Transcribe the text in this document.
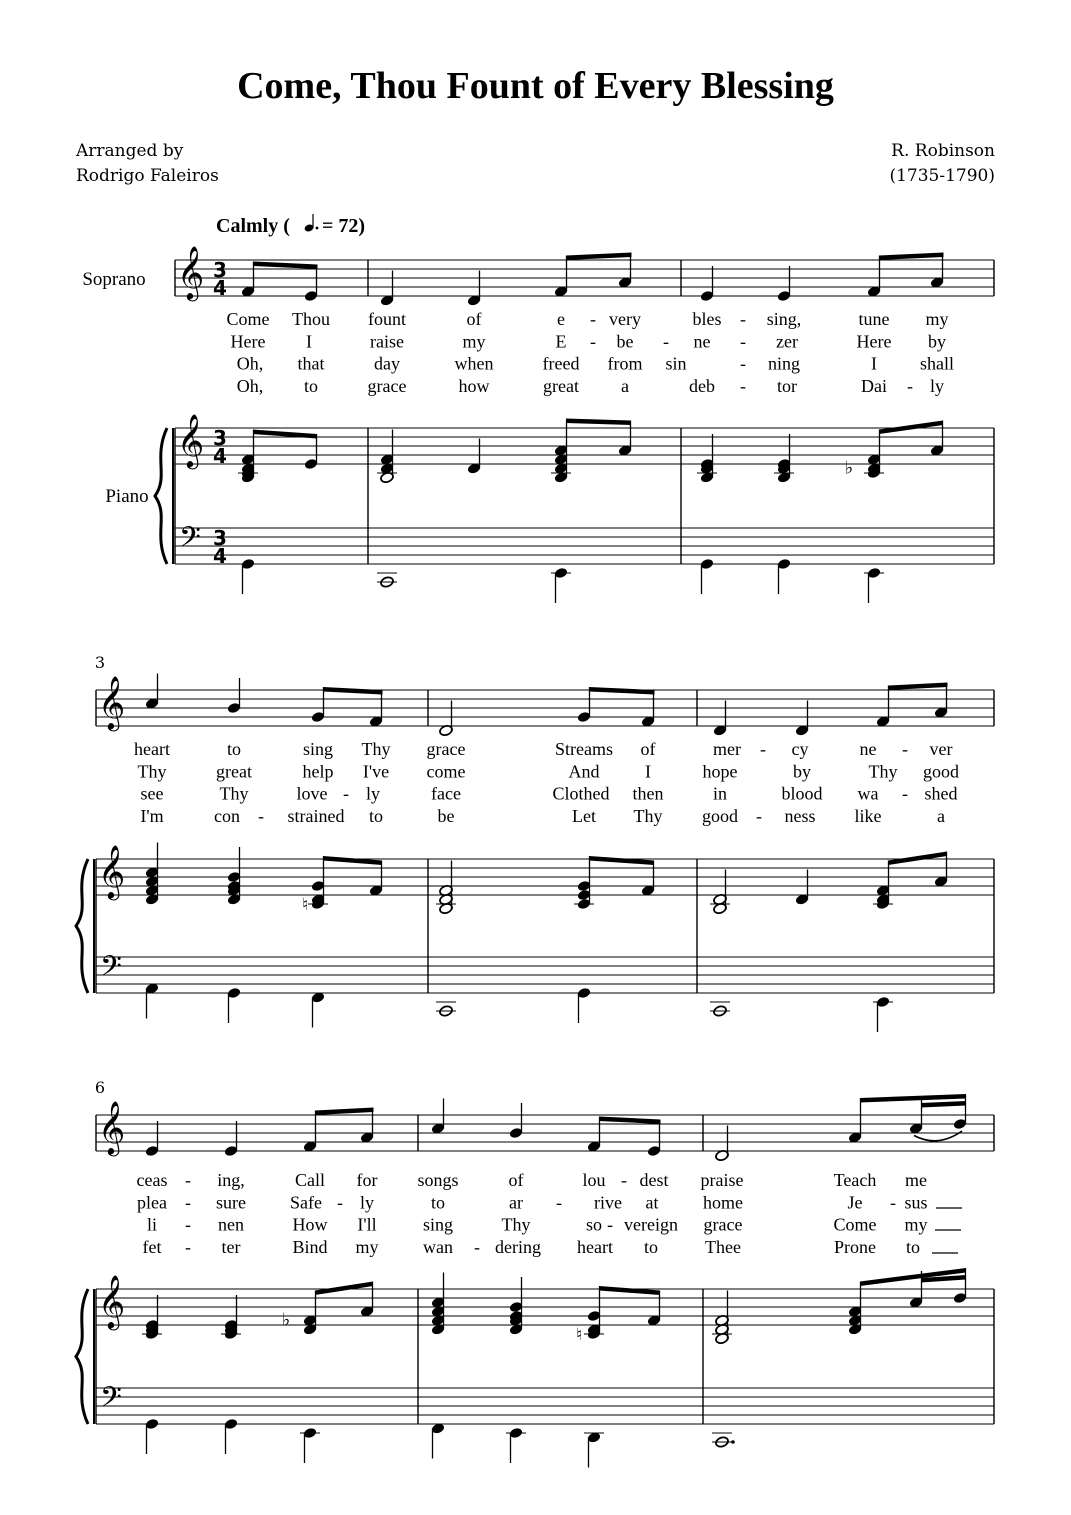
Come, Thou Fount of Every Blessing
Arranged by
Rodrigo Faleiros
R. Robinson
(1735-1790)
Calmly ( = 72)
Soprano
Piano
𝄞
𝄞
𝄢
3
4
3
4
3
4
𝄞
𝄞
𝄢
3
𝄞
𝄞
𝄢
6
Come Thou fount	of	e - very	bles - sing,	tune my
Here I	raise	my	E - be - ne - zer	Here by
Oh, that	day	when	freed from sin	- ning	I shall
Oh, to	grace	how	great a	deb - tor	Dai - ly
heart	to	sing Thy grace	Streams of	mer - cy	ne - ver
Thy	great	help I've come	And	I	hope	by	Thy good
see	Thy	love - ly	face	Clothed then	in	blood wa - shed
I'm	con - strained to	be	Let Thy good - ness like	a
ceas - ing,	Call for songs	of	lou - dest praise	Teach me
plea - sure Safe - ly	to	ar - rive at home	Je - sus
li - nen	How I'll	sing	Thy	so - vereign grace	Come my
fet - ter	Bind my wan - dering heart to	Thee	Prone to
♭
♮
♭
♮
